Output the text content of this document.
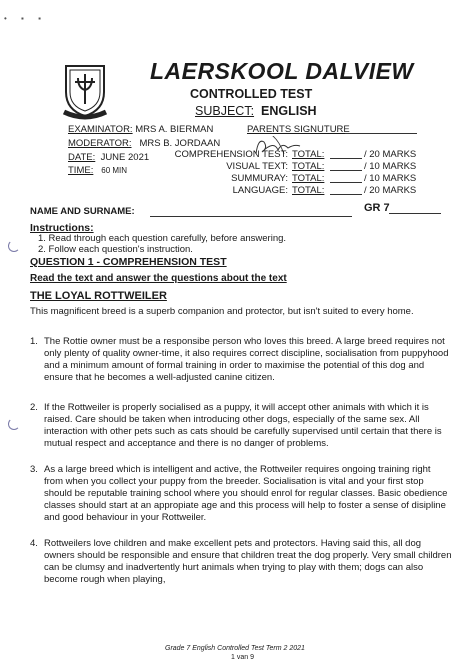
• ▪ ▪
LAERSKOOL DALVIEW
CONTROLLED TEST
SUBJECT: ENGLISH
EXAMINATOR: MRS A. BIERMAN
MODERATOR: MRS B. JORDAAN
DATE: JUNE 2021
TIME: 60 MIN
PARENTS SIGNUTURE
COMPREHENSION TEST: TOTAL:	/ 20 MARKS
VISUAL TEXT: TOTAL:	/ 10 MARKS
SUMMURAY: TOTAL:	/ 10 MARKS
LANGUAGE: TOTAL:	/ 20 MARKS
NAME AND SURNAME:	GR 7
Instructions:
1. Read through each question carefully, before answering.
2. Follow each question's instruction.
QUESTION 1 - COMPREHENSION TEST
Read the text and answer the questions about the text
THE LOYAL ROTTWEILER
This magnificent breed is a superb companion and protector, but isn't suited to every home.
1. The Rottie owner must be a responsibe person who loves this breed. A large breed requires not only plenty of quality owner-time, it also requires correct discipline, socialisation from puppyhood and a minimum amount of formal training in order to maximise the potential of this dog and ensure that he becomes a well-adjusted canine citizen.
2. If the Rottweiler is properly socialised as a puppy, it will accept other animals with which it is raised. Care should be taken when introducing other dogs, especially of the same sex. All interaction with other pets such as cats should be carefully supervised until certain that there is mutual respect and acceptance and there is no danger of problems.
3. As a large breed which is intelligent and active, the Rottweiler requires ongoing training right from when you collect your puppy from the breeder. Socialisation is vital and your first stop should be reputable training school where you should enrol for regular classes. Basic obedience classes should start at an appropiate age and this process will help to foster a sense of disipline and good behaviour in your Rottweiler.
4. Rottweilers love children and make excellent pets and protectors. Having said this, all dog owners should be responsible and ensure that children treat the dog properly. Very small children can be clumsy and inadvertently hurt animals when trying to play with them; dogs can also become rough when playing,
Grade 7 English Controlled Test Term 2 2021
1 van 9
